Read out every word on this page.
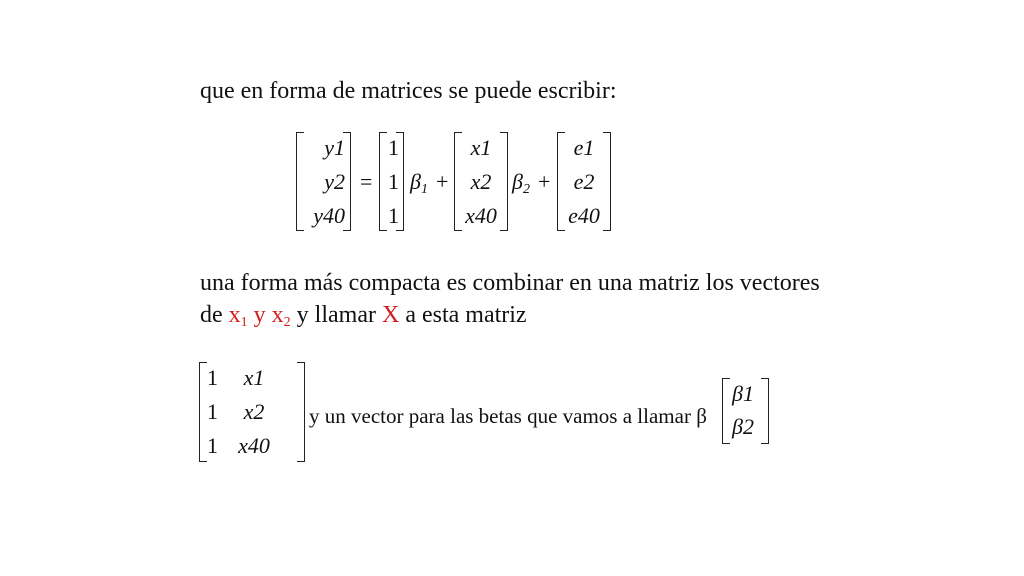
que en forma de matrices se puede escribir:
y1
y2
y40
=
1
1
1
$\beta_1$ +
x1
x2
x40
$\beta_2$ +
e1
e2
e40
una forma más compacta es combinar en una matriz los vectores
de $x_1$ y $x_2$ y llamar X a esta matriz
1
1
1
x1
x2
x40
y un vector para las betas que vamos a llamar β
β1
β2
